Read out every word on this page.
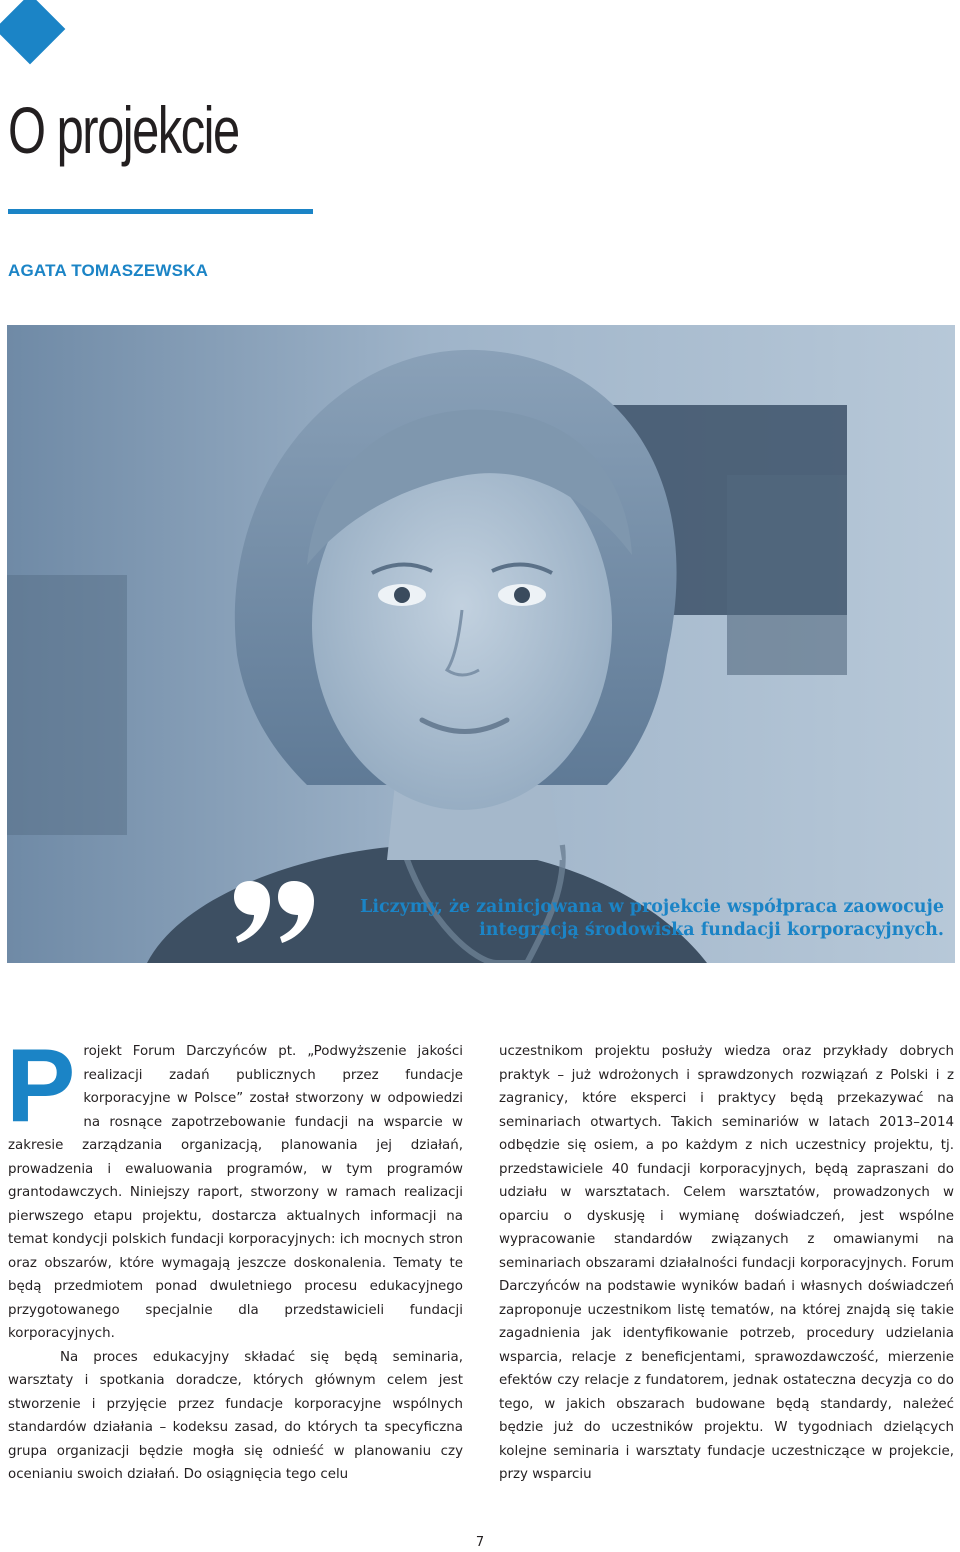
O projekcie
AGATA TOMASZEWSKA
Liczymy, że zainicjowana w projekcie współpraca zaowocuje
integracją środowiska fundacji korporacyjnych.

Projekt Forum Darczyńców pt. „Podwyższenie jakości realizacji zadań publicznych przez fundacje korporacyjne w Polsce” został stworzony w odpowiedzi na rosnące zapotrzebowanie fundacji na wsparcie w zakresie zarządzania organizacją, planowania jej działań, prowadzenia i ewaluowania programów, w tym programów grantodawczych. Niniejszy raport, stworzony w ramach realizacji pierwszego etapu projektu, dostarcza aktualnych informacji na temat kondycji polskich fundacji korporacyjnych: ich mocnych stron oraz obszarów, które wymagają jeszcze doskonalenia. Tematy te będą przedmiotem ponad dwuletniego procesu edukacyjnego przygotowanego specjalnie dla przedstawicieli fundacji korporacyjnych.

Na proces edukacyjny składać się będą seminaria, warsztaty i spotkania doradcze, których głównym celem jest stworzenie i przyjęcie przez fundacje korporacyjne wspólnych standardów działania – kodeksu zasad, do których ta specyficzna grupa organizacji będzie mogła się odnieść w planowaniu czy ocenianiu swoich działań. Do osiągnięcia tego celu

uczestnikom projektu posłuży wiedza oraz przykłady dobrych praktyk – już wdrożonych i sprawdzonych rozwiązań z Polski i z zagranicy, które eksperci i praktycy będą przekazywać na seminariach otwartych. Takich seminariów w latach 2013–2014 odbędzie się osiem, a po każdym z nich uczestnicy projektu, tj. przedstawiciele 40 fundacji korporacyjnych, będą zapraszani do udziału w warsztatach. Celem warsztatów, prowadzonych w oparciu o dyskusję i wymianę doświadczeń, jest wspólne wypracowanie standardów związanych z omawianymi na seminariach obszarami działalności fundacji korporacyjnych. Forum Darczyńców na podstawie wyników badań i własnych doświadczeń zaproponuje uczestnikom listę tematów, na której znajdą się takie zagadnienia jak identyfikowanie potrzeb, procedury udzielania wsparcia, relacje z beneficjentami, sprawozdawczość, mierzenie efektów czy relacje z fundatorem, jednak ostateczna decyzja co do tego, w jakich obszarach budowane będą standardy, należeć będzie już do uczestników projektu. W tygodniach dzielących kolejne seminaria i warsztaty fundacje uczestniczące w projekcie, przy wsparciu

7
